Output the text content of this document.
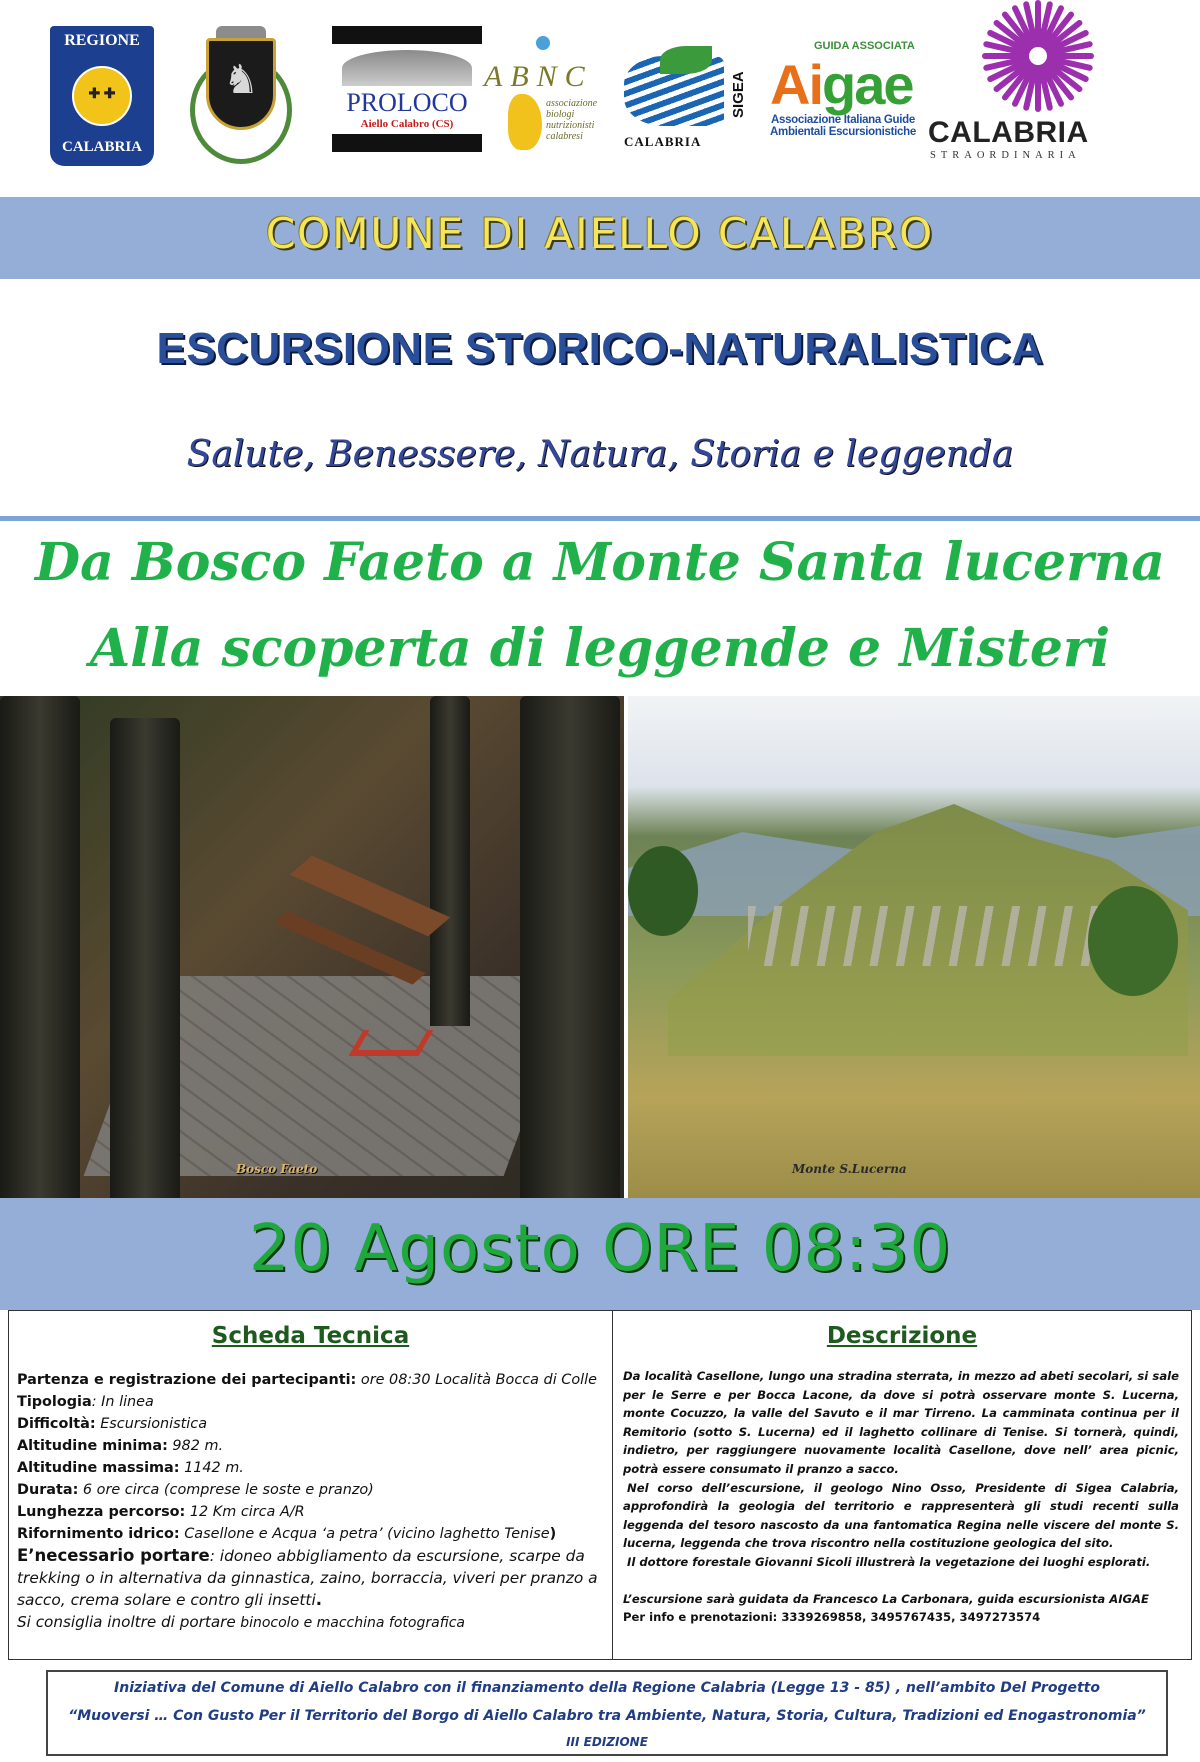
REGIONE
✚ ✚
CALABRIA
♞
PROLOCO
Aiello Calabro (CS)
ABNC
associazione biologi nutrizionisti calabresi	CALABRIA
SIGEA
GUIDA ASSOCIATA
Aigae
Associazione Italiana Guide
Ambientali Escursionistiche CALABRIA
STRAORDINARIA
COMUNE DI AIELLO CALABRO
ESCURSIONE STORICO-NATURALISTICA
Salute, Benessere, Natura, Storia e leggenda
Da Bosco Faeto a Monte Santa lucerna
Alla scoperta di leggende e Misteri
Bosco Faeto	Monte S.Lucerna
20 Agosto ORE 08:30
Scheda Tecnica
Partenza e registrazione dei partecipanti: ore 08:30 Località Bocca di Colle
Tipologia: In linea
Difficoltà: Escursionistica
Altitudine minima: 982 m.
Altitudine massima: 1142 m.
Durata: 6 ore circa (comprese le soste e pranzo)
Lunghezza percorso: 12 Km circa A/R
Rifornimento idrico: Casellone e Acqua ‘a petra’ (vicino laghetto Tenise)
E’necessario portare: idoneo abbigliamento da escursione, scarpe da trekking o in alternativa da ginnastica, zaino, borraccia, viveri per pranzo a sacco, crema solare e contro gli insetti.
Si consiglia inoltre di portare binocolo e macchina fotografica
Descrizione

Da località Casellone, lungo una stradina sterrata, in mezzo ad abeti secolari, si sale per le Serre e per Bocca Lacone, da dove si potrà osservare monte S. Lucerna, monte Cocuzzo, la valle del Savuto e il mar Tirreno. La camminata continua per il Remitorio (sotto S. Lucerna) ed il laghetto collinare di Tenise. Si tornerà, quindi, indietro, per raggiungere nuovamente località Casellone, dove nell’ area picnic, potrà essere consumato il pranzo a sacco.

Nel corso dell’escursione, il geologo Nino Osso, Presidente di Sigea Calabria, approfondirà la geologia del territorio e rappresenterà gli studi recenti sulla leggenda del tesoro nascosto da una fantomatica Regina nelle viscere del monte S. lucerna, leggenda che trova riscontro nella costituzione geologica del sito.

Il dottore forestale Giovanni Sicoli illustrerà la vegetazione dei luoghi esplorati.

L’escursione sarà guidata da Francesco La Carbonara, guida escursionista AIGAE

Per info e prenotazioni: 3339269858, 3495767435, 3497273574

Iniziativa del Comune di Aiello Calabro con il finanziamento della Regione Calabria (Legge 13 - 85) , nell’ambito Del Progetto
“Muoversi … Con Gusto Per il Territorio del Borgo di Aiello Calabro tra Ambiente, Natura, Storia, Cultura, Tradizioni ed Enogastronomia”
III EDIZIONE
